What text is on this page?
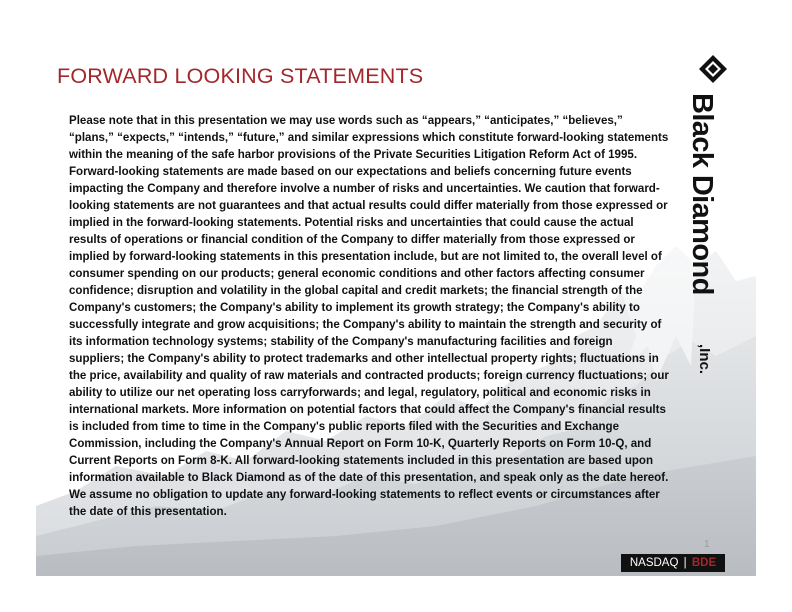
FORWARD LOOKING STATEMENTS

Please note that in this presentation we may use words such as “appears,” “anticipates,” “believes,” “plans,” “expects,” “intends,” “future,” and similar expressions which constitute forward-looking statements within the meaning of the safe harbor provisions of the Private Securities Litigation Reform Act of 1995. Forward-looking statements are made based on our expectations and beliefs concerning future events impacting the Company and therefore involve a number of risks and uncertainties. We caution that forward-looking statements are not guarantees and that actual results could differ materially from those expressed or implied in the forward-looking statements. Potential risks and uncertainties that could cause the actual results of operations or financial condition of the Company to differ materially from those expressed or implied by forward-looking statements in this presentation include, but are not limited to, the overall level of consumer spending on our products; general economic conditions and other factors affecting consumer confidence; disruption and volatility in the global capital and credit markets; the financial strength of the Company's customers; the Company's ability to implement its growth strategy; the Company's ability to successfully integrate and grow acquisitions; the Company's ability to maintain the strength and security of its information technology systems; stability of the Company's manufacturing facilities and foreign suppliers; the Company's ability to protect trademarks and other intellectual property rights; fluctuations in the price, availability and quality of raw materials and contracted products; foreign currency fluctuations; our ability to utilize our net operating loss carryforwards; and legal, regulatory, political and economic risks in international markets. More information on potential factors that could affect the Company's financial results is included from time to time in the Company's public reports filed with the Securities and Exchange Commission, including the Company's Annual Report on Form 10-K, Quarterly Reports on Form 10-Q, and Current Reports on Form 8-K. All forward-looking statements included in this presentation are based upon information available to Black Diamond as of the date of this presentation, and speak only as the date hereof. We assume no obligation to update any forward-looking statements to reflect events or circumstances after the date of this presentation.

Black Diamond
,Inc.
1
NASDAQ | BDE
